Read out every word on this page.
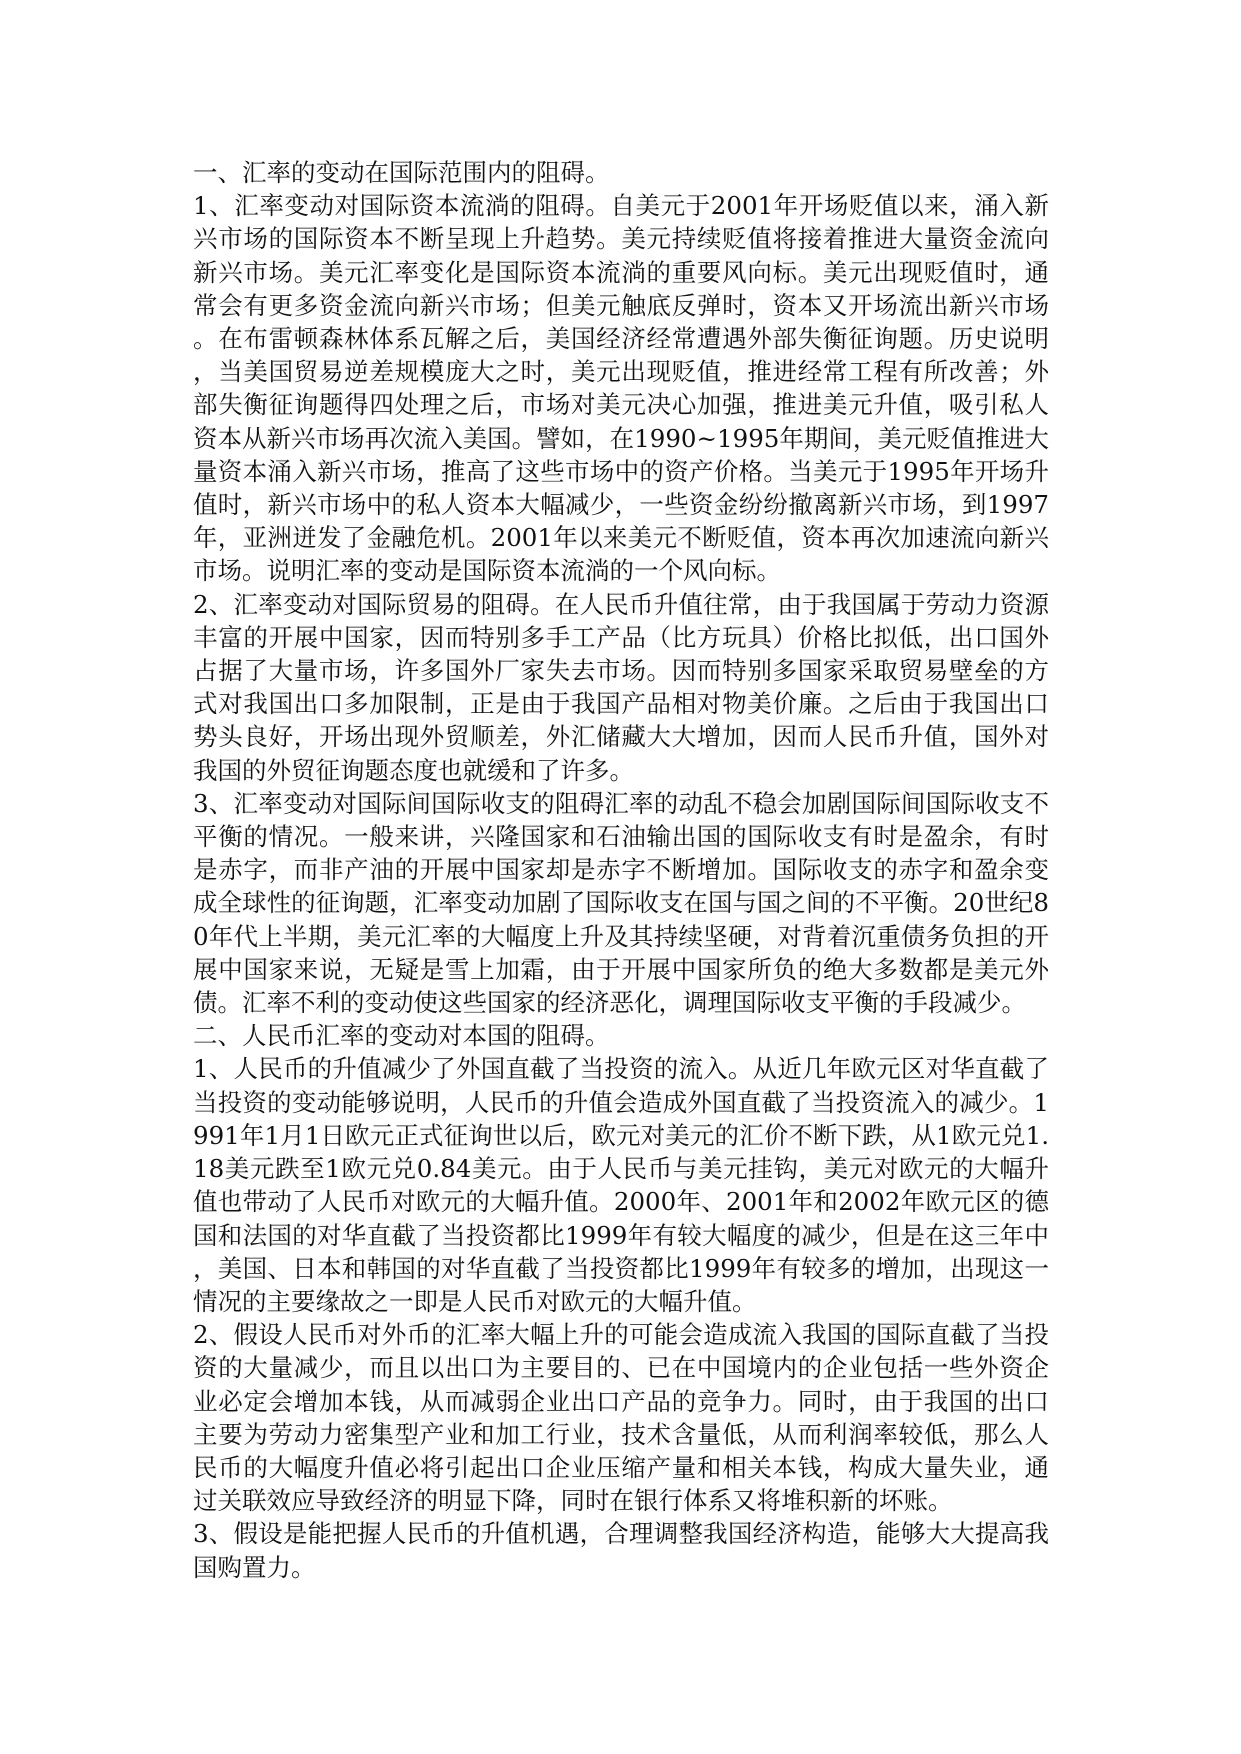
一、汇率的变动在国际范围内的阻碍。

1、汇率变动对国际资本流淌的阻碍。自美元于2001年开场贬值以来，涌入新兴市场的国际资本不断呈现上升趋势。美元持续贬值将接着推进大量资金流向新兴市场。美元汇率变化是国际资本流淌的重要风向标。美元出现贬值时，通常会有更多资金流向新兴市场；但美元触底反弹时，资本又开场流出新兴市场。在布雷顿森林体系瓦解之后，美国经济经常遭遇外部失衡征询题。历史说明，当美国贸易逆差规模庞大之时，美元出现贬值，推进经常工程有所改善；外部失衡征询题得四处理之后，市场对美元决心加强，推进美元升值，吸引私人资本从新兴市场再次流入美国。譬如，在1990~1995年期间，美元贬值推进大量资本涌入新兴市场，推高了这些市场中的资产价格。当美元于1995年开场升值时，新兴市场中的私人资本大幅减少，一些资金纷纷撤离新兴市场，到1997年，亚洲迸发了金融危机。2001年以来美元不断贬值，资本再次加速流向新兴市场。说明汇率的变动是国际资本流淌的一个风向标。

2、汇率变动对国际贸易的阻碍。在人民币升值往常，由于我国属于劳动力资源丰富的开展中国家，因而特别多手工产品（比方玩具）价格比拟低，出口国外占据了大量市场，许多国外厂家失去市场。因而特别多国家采取贸易壁垒的方式对我国出口多加限制，正是由于我国产品相对物美价廉。之后由于我国出口势头良好，开场出现外贸顺差，外汇储藏大大增加，因而人民币升值，国外对我国的外贸征询题态度也就缓和了许多。

3、汇率变动对国际间国际收支的阻碍汇率的动乱不稳会加剧国际间国际收支不平衡的情况。一般来讲，兴隆国家和石油输出国的国际收支有时是盈余，有时是赤字，而非产油的开展中国家却是赤字不断增加。国际收支的赤字和盈余变成全球性的征询题，汇率变动加剧了国际收支在国与国之间的不平衡。20世纪80年代上半期，美元汇率的大幅度上升及其持续坚硬，对背着沉重债务负担的开展中国家来说，无疑是雪上加霜，由于开展中国家所负的绝大多数都是美元外债。汇率不利的变动使这些国家的经济恶化，调理国际收支平衡的手段减少。

二、人民币汇率的变动对本国的阻碍。

1、人民币的升值减少了外国直截了当投资的流入。从近几年欧元区对华直截了当投资的变动能够说明，人民币的升值会造成外国直截了当投资流入的减少。1991年1月1日欧元正式征询世以后，欧元对美元的汇价不断下跌，从1欧元兑1.18美元跌至1欧元兑0.84美元。由于人民币与美元挂钩，美元对欧元的大幅升值也带动了人民币对欧元的大幅升值。2000年、2001年和2002年欧元区的德国和法国的对华直截了当投资都比1999年有较大幅度的减少，但是在这三年中，美国、日本和韩国的对华直截了当投资都比1999年有较多的增加，出现这一情况的主要缘故之一即是人民币对欧元的大幅升值。

2、假设人民币对外币的汇率大幅上升的可能会造成流入我国的国际直截了当投资的大量减少，而且以出口为主要目的、已在中国境内的企业包括一些外资企业必定会增加本钱，从而减弱企业出口产品的竞争力。同时，由于我国的出口主要为劳动力密集型产业和加工行业，技术含量低，从而利润率较低，那么人民币的大幅度升值必将引起出口企业压缩产量和相关本钱，构成大量失业，通过关联效应导致经济的明显下降，同时在银行体系又将堆积新的坏账。

3、假设是能把握人民币的升值机遇，合理调整我国经济构造，能够大大提高我国购置力。
